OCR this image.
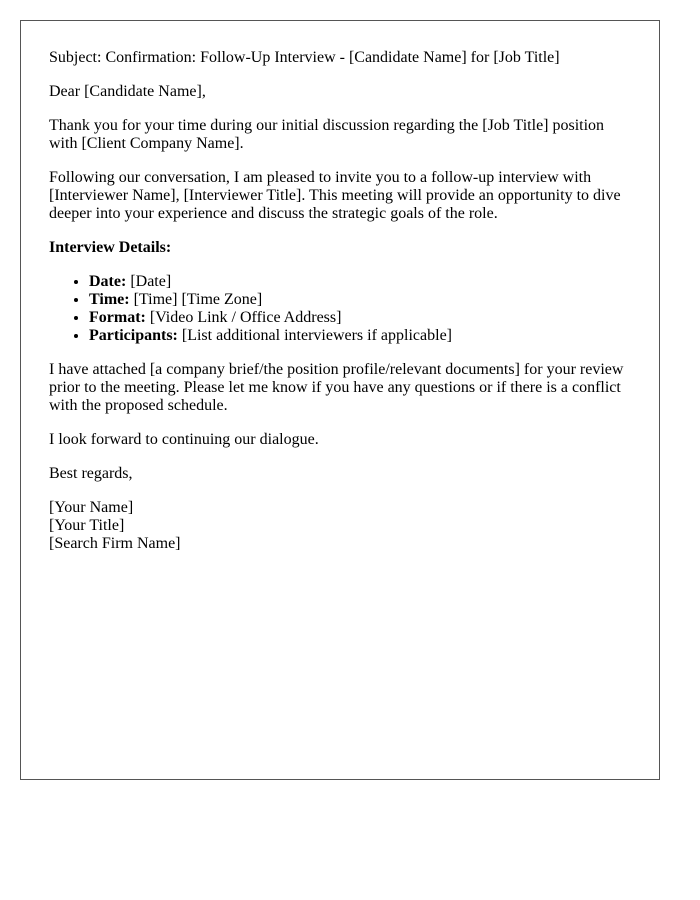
Subject: Confirmation: Follow-Up Interview - [Candidate Name] for [Job Title]

Dear [Candidate Name],

Thank you for your time during our initial discussion regarding the [Job Title] position with [Client Company Name].

Following our conversation, I am pleased to invite you to a follow-up interview with [Interviewer Name], [Interviewer Title]. This meeting will provide an opportunity to dive deeper into your experience and discuss the strategic goals of the role.

Interview Details:

• Date: [Date]
• Time: [Time] [Time Zone]
• Format: [Video Link / Office Address]
• Participants: [List additional interviewers if applicable]

I have attached [a company brief/the position profile/relevant documents] for your review prior to the meeting. Please let me know if you have any questions or if there is a conflict with the proposed schedule.

I look forward to continuing our dialogue.

Best regards,

[Your Name]
[Your Title]
[Search Firm Name]
